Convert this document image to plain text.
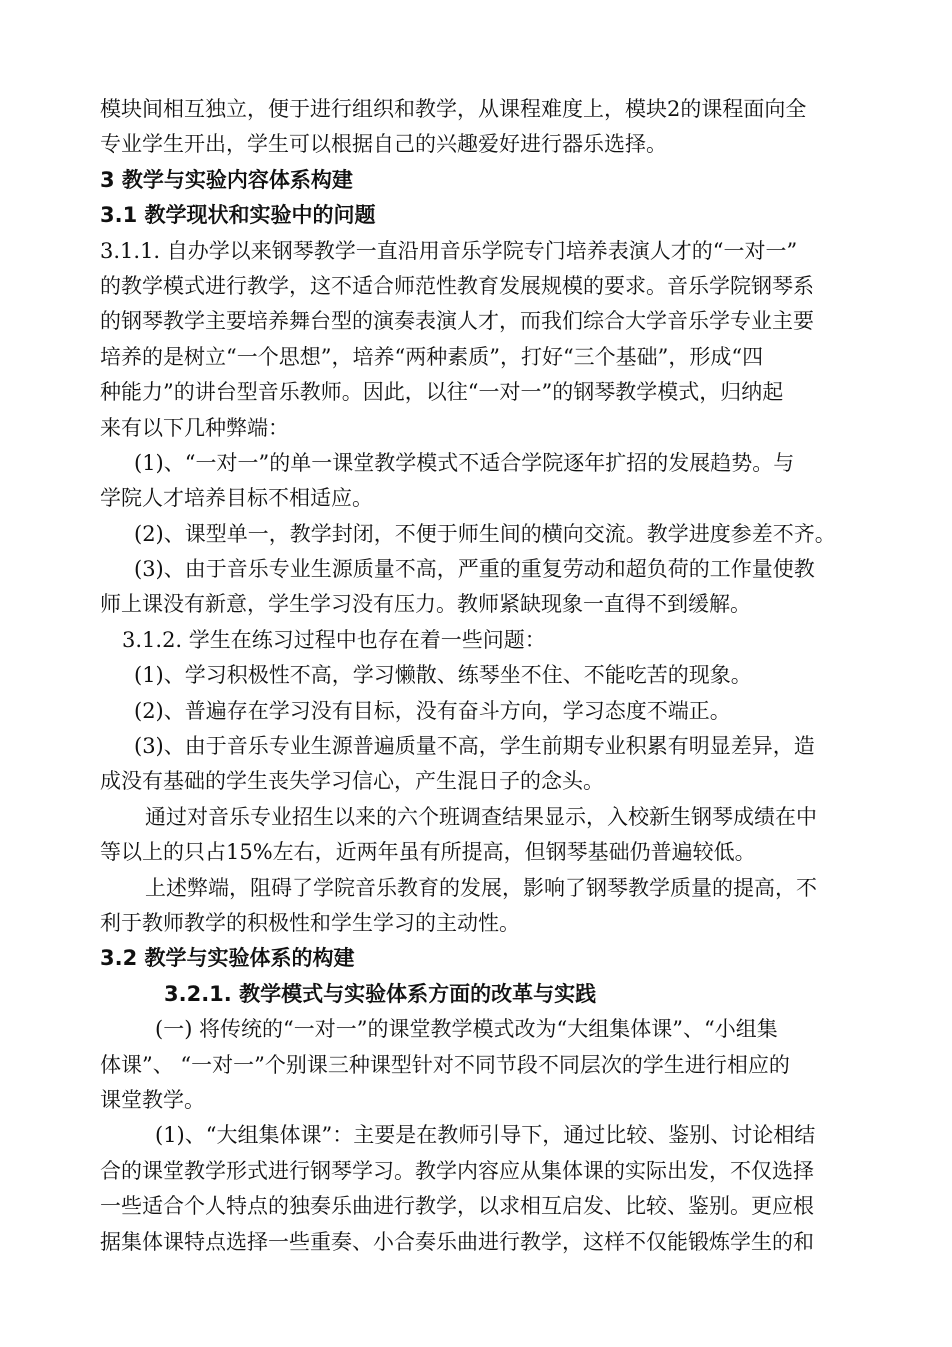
模块间相互独立，便于进行组织和教学，从课程难度上，模块2的课程面向全
专业学生开出，学生可以根据自己的兴趣爱好进行器乐选择。
3 教学与实验内容体系构建
3.1 教学现状和实验中的问题
3.1.1. 自办学以来钢琴教学一直沿用音乐学院专门培养表演人才的“一对一”
的教学模式进行教学，这不适合师范性教育发展规模的要求。音乐学院钢琴系
的钢琴教学主要培养舞台型的演奏表演人才，而我们综合大学音乐学专业主要
培养的是树立“一个思想”，培养“两种素质”，打好“三个基础”，形成“四
种能力”的讲台型音乐教师。因此，以往“一对一”的钢琴教学模式，归纳起
来有以下几种弊端：
(1)、“一对一”的单一课堂教学模式不适合学院逐年扩招的发展趋势。与
学院人才培养目标不相适应。
(2)、课型单一，教学封闭，不便于师生间的横向交流。教学进度参差不齐。
(3)、由于音乐专业生源质量不高，严重的重复劳动和超负荷的工作量使教
师上课没有新意，学生学习没有压力。教师紧缺现象一直得不到缓解。
3.1.2. 学生在练习过程中也存在着一些问题：
(1)、学习积极性不高，学习懒散、练琴坐不住、不能吃苦的现象。
(2)、普遍存在学习没有目标，没有奋斗方向，学习态度不端正。
(3)、由于音乐专业生源普遍质量不高，学生前期专业积累有明显差异，造
成没有基础的学生丧失学习信心，产生混日子的念头。
通过对音乐专业招生以来的六个班调查结果显示，入校新生钢琴成绩在中
等以上的只占15%左右，近两年虽有所提高，但钢琴基础仍普遍较低。
上述弊端，阻碍了学院音乐教育的发展，影响了钢琴教学质量的提高，不
利于教师教学的积极性和学生学习的主动性。
3.2 教学与实验体系的构建
3.2.1. 教学模式与实验体系方面的改革与实践
(一) 将传统的“一对一”的课堂教学模式改为“大组集体课”、“小组集
体课”、 “一对一”个别课三种课型针对不同节段不同层次的学生进行相应的
课堂教学。
(1)、“大组集体课”：主要是在教师引导下，通过比较、鉴别、讨论相结
合的课堂教学形式进行钢琴学习。教学内容应从集体课的实际出发，不仅选择
一些适合个人特点的独奏乐曲进行教学，以求相互启发、比较、鉴别。更应根
据集体课特点选择一些重奏、小合奏乐曲进行教学，这样不仅能锻炼学生的和
